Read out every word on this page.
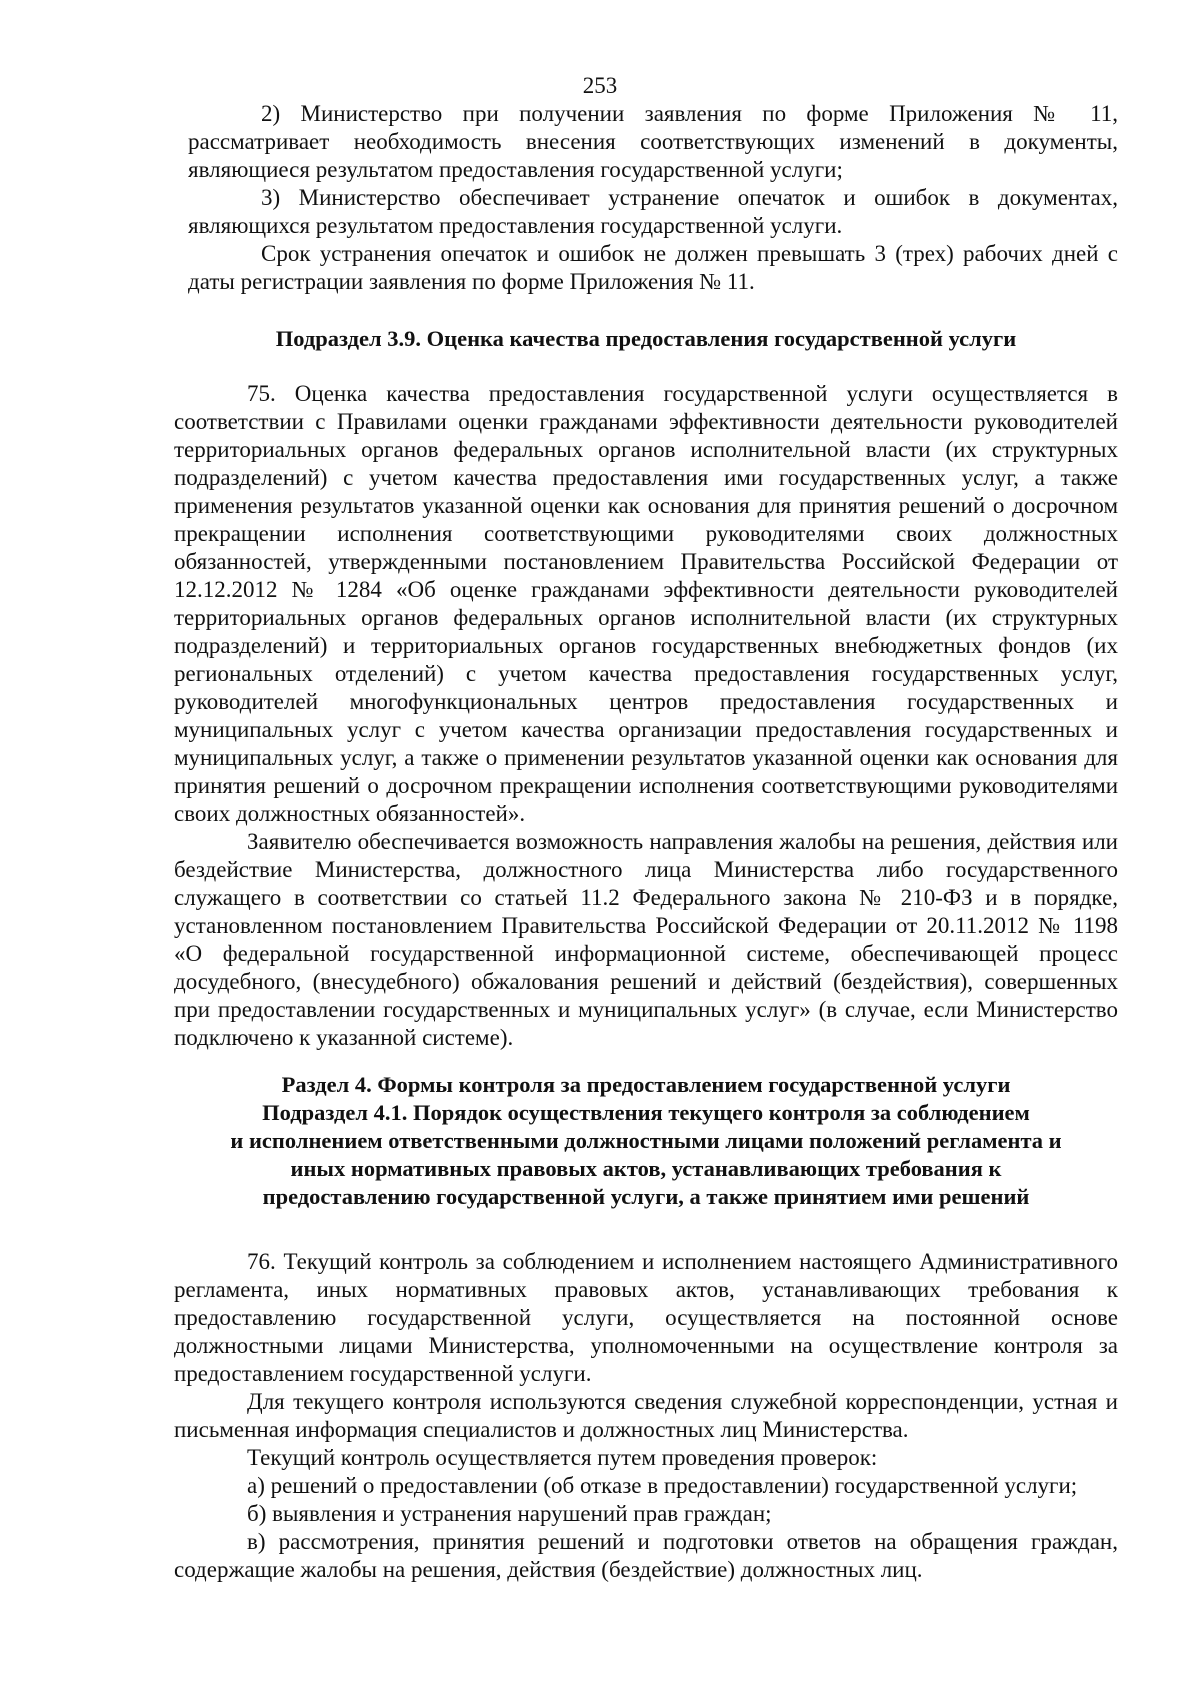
253

2) Министерство при получении заявления по форме Приложения № 11, рассматривает необходимость внесения соответствующих изменений в документы, являющиеся результатом предоставления государственной услуги;

3) Министерство обеспечивает устранение опечаток и ошибок в документах, являющихся результатом предоставления государственной услуги.

Срок устранения опечаток и ошибок не должен превышать 3 (трех) рабочих дней с даты регистрации заявления по форме Приложения № 11.

Подраздел 3.9. Оценка качества предоставления государственной услуги

75. Оценка качества предоставления государственной услуги осуществляется в соответствии с Правилами оценки гражданами эффективности деятельности руководителей территориальных органов федеральных органов исполнительной власти (их структурных подразделений) с учетом качества предоставления ими государственных услуг, а также применения результатов указанной оценки как основания для принятия решений о досрочном прекращении исполнения соответствующими руководителями своих должностных обязанностей, утвержденными постановлением Правительства Российской Федерации от 12.12.2012 № 1284 «Об оценке гражданами эффективности деятельности руководителей территориальных органов федеральных органов исполнительной власти (их структурных подразделений) и территориальных органов государственных внебюджетных фондов (их региональных отделений) с учетом качества предоставления государственных услуг, руководителей многофункциональных центров предоставления государственных и муниципальных услуг с учетом качества организации предоставления государственных и муниципальных услуг, а также о применении результатов указанной оценки как основания для принятия решений о досрочном прекращении исполнения соответствующими руководителями своих должностных обязанностей».

Заявителю обеспечивается возможность направления жалобы на решения, действия или бездействие Министерства, должностного лица Министерства либо государственного служащего в соответствии со статьей 11.2 Федерального закона № 210-ФЗ и в порядке, установленном постановлением Правительства Российской Федерации от 20.11.2012 № 1198 «О федеральной государственной информационной системе, обеспечивающей процесс досудебного, (внесудебного) обжалования решений и действий (бездействия), совершенных при предоставлении государственных и муниципальных услуг» (в случае, если Министерство подключено к указанной системе).

Раздел 4. Формы контроля за предоставлением государственной услуги
Подраздел 4.1. Порядок осуществления текущего контроля за соблюдением
и исполнением ответственными должностными лицами положений регламента и
иных нормативных правовых актов, устанавливающих требования к
предоставлению государственной услуги, а также принятием ими решений

76. Текущий контроль за соблюдением и исполнением настоящего Административного регламента, иных нормативных правовых актов, устанавливающих требования к предоставлению государственной услуги, осуществляется на постоянной основе должностными лицами Министерства, уполномоченными на осуществление контроля за предоставлением государственной услуги.

Для текущего контроля используются сведения служебной корреспонденции, устная и письменная информация специалистов и должностных лиц Министерства.

Текущий контроль осуществляется путем проведения проверок:

а) решений о предоставлении (об отказе в предоставлении) государственной услуги;

б) выявления и устранения нарушений прав граждан;

в) рассмотрения, принятия решений и подготовки ответов на обращения граждан, содержащие жалобы на решения, действия (бездействие) должностных лиц.
